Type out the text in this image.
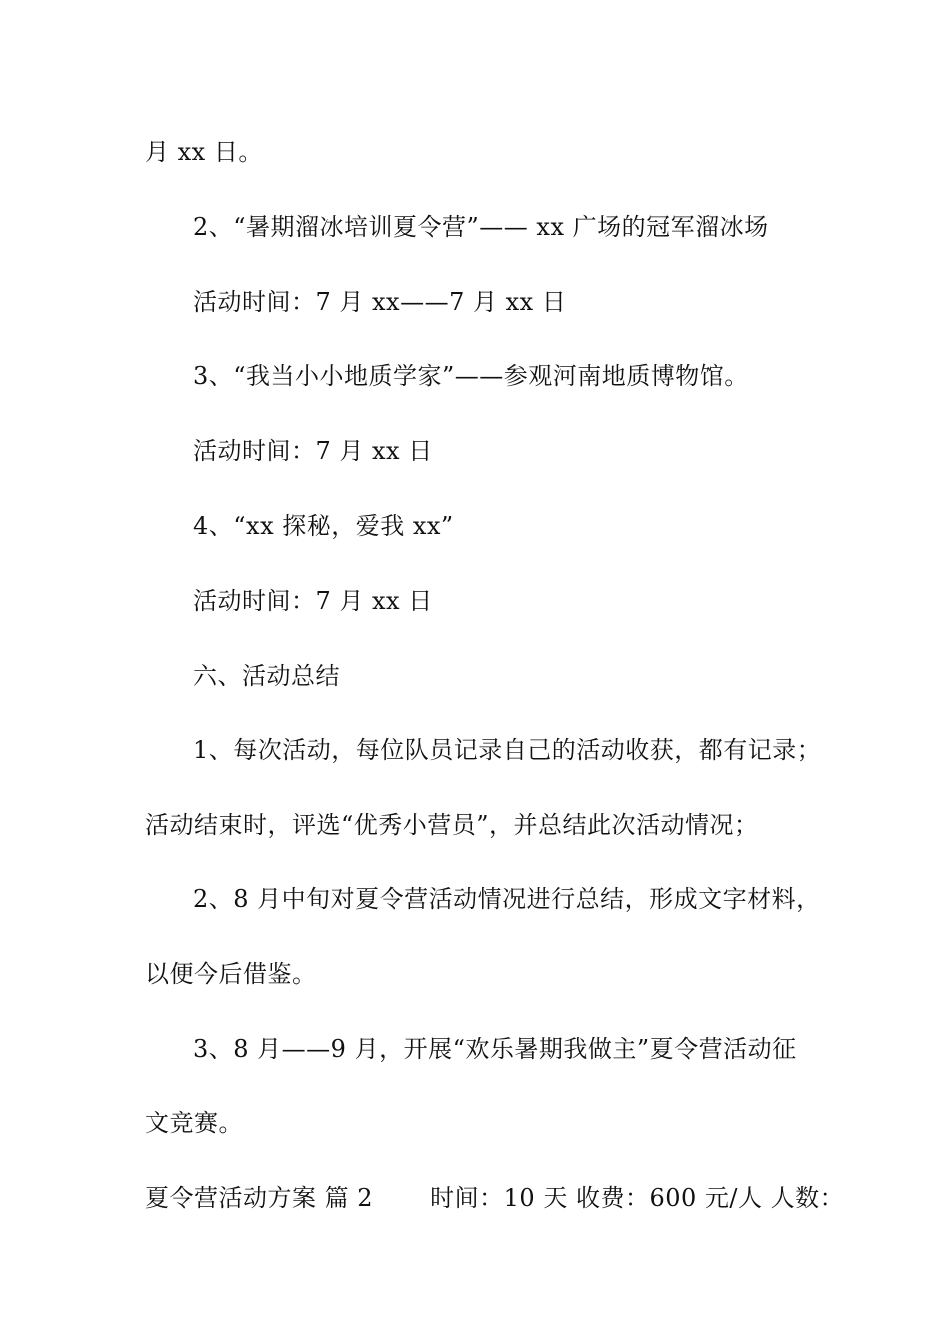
月 xx 日。
2、“暑期溜冰培训夏令营”—— xx 广场的冠军溜冰场
活动时间：7 月 xx——7 月 xx 日
3、“我当小小地质学家”——参观河南地质博物馆。
活动时间：7 月 xx 日
4、“xx 探秘，爱我 xx”
活动时间：7 月 xx 日
六、活动总结
1、每次活动，每位队员记录自己的活动收获，都有记录；
活动结束时，评选“优秀小营员”，并总结此次活动情况；
2、8 月中旬对夏令营活动情况进行总结，形成文字材料，
以便今后借鉴。
3、8 月——9 月，开展“欢乐暑期我做主”夏令营活动征
文竞赛。
夏令营活动方案 篇 2　　 时间：10 天 收费：600 元/人 人数：
